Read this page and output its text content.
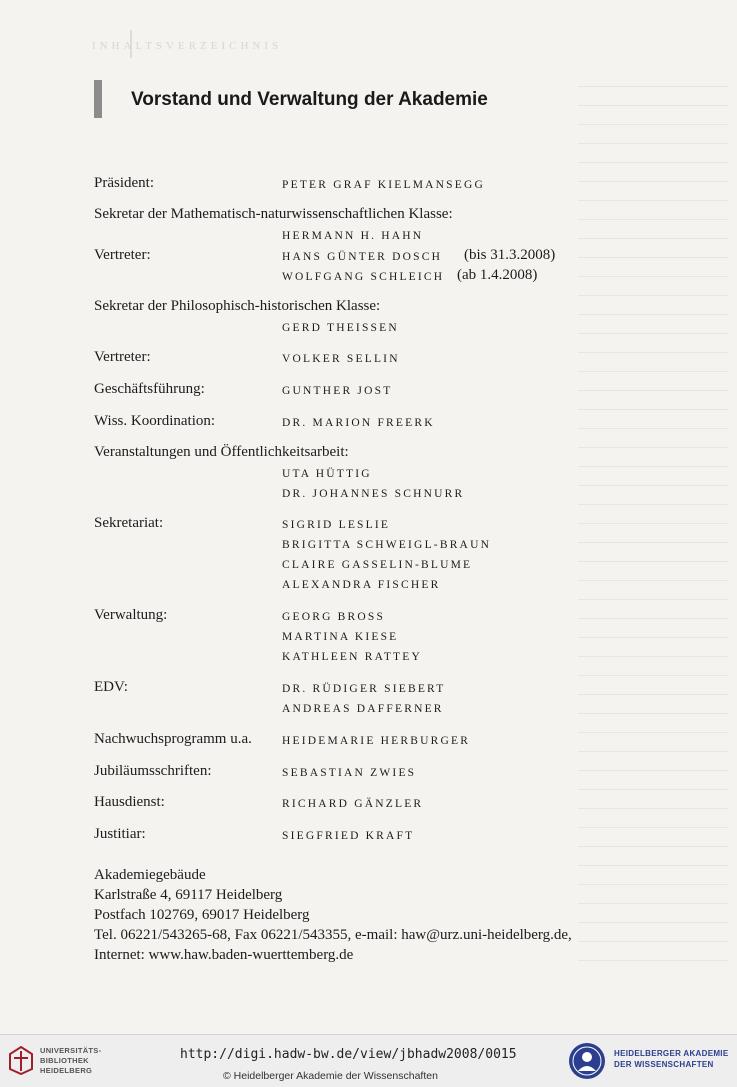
INHALTSVERZEICHNIS
Vorstand und Verwaltung der Akademie
Präsident:	PETER GRAF KIELMANSEGG
Sekretar der Mathematisch-naturwissenschaftlichen Klasse:
HERMANN H. HAHN
Vertreter:	HANS GÜNTER DOSCH (bis 31.3.2008)
WOLFGANG SCHLEICH (ab 1.4.2008)
Sekretar der Philosophisch-historischen Klasse:
GERD THEISSEN
Vertreter:	VOLKER SELLIN
Geschäftsführung:	GUNTHER JOST
Wiss. Koordination:	DR. MARION FREERK
Veranstaltungen und Öffentlichkeitsarbeit:
UTA HÜTTIG
DR. JOHANNES SCHNURR
Sekretariat:	SIGRID LESLIE
BRIGITTA SCHWEIGL-BRAUN
CLAIRE GASSELIN-BLUME
ALEXANDRA FISCHER
Verwaltung:	GEORG BROSS
MARTINA KIESE
KATHLEEN RATTEY
EDV:	DR. RÜDIGER SIEBERT
ANDREAS DAFFERNER
Nachwuchsprogramm u.a.	HEIDEMARIE HERBURGER
Jubiläumsschriften:	SEBASTIAN ZWIES
Hausdienst:	RICHARD GÄNZLER
Justitiar:	SIEGFRIED KRAFT
Akademiegebäude
Karlstraße 4, 69117 Heidelberg
Postfach 102769, 69017 Heidelberg
Tel. 06221/543265-68, Fax 06221/543355, e-mail: haw@urz.uni-heidelberg.de,
Internet: www.haw.baden-wuerttemberg.de
UNIVERSITÄTS-
BIBLIOTHEK
HEIDELBERG
http://digi.hadw-bw.de/view/jbhadw2008/0015
© Heidelberger Akademie der Wissenschaften
HEIDELBERGER AKADEMIE
DER WISSENSCHAFTEN
